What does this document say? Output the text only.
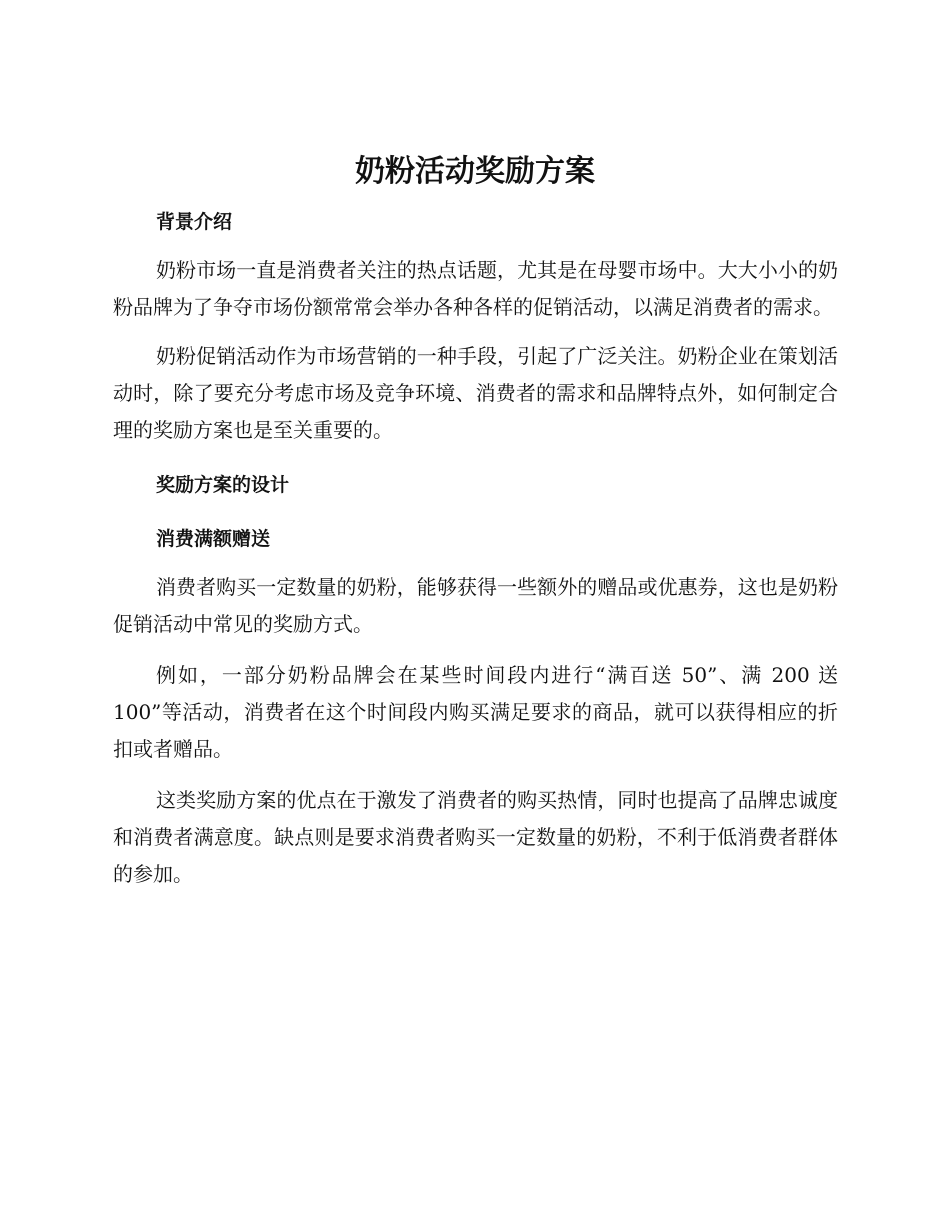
奶粉活动奖励方案
背景介绍

奶粉市场一直是消费者关注的热点话题，尤其是在母婴市场中。大大小小的奶粉品牌为了争夺市场份额常常会举办各种各样的促销活动，以满足消费者的需求。

奶粉促销活动作为市场营销的一种手段，引起了广泛关注。奶粉企业在策划活动时，除了要充分考虑市场及竞争环境、消费者的需求和品牌特点外，如何制定合理的奖励方案也是至关重要的。

奖励方案的设计
消费满额赠送

消费者购买一定数量的奶粉，能够获得一些额外的赠品或优惠券，这也是奶粉促销活动中常见的奖励方式。

例如，一部分奶粉品牌会在某些时间段内进行“满百送 50”、满 200 送 100”等活动，消费者在这个时间段内购买满足要求的商品，就可以获得相应的折扣或者赠品。

这类奖励方案的优点在于激发了消费者的购买热情，同时也提高了品牌忠诚度和消费者满意度。缺点则是要求消费者购买一定数量的奶粉，不利于低消费者群体的参加。
